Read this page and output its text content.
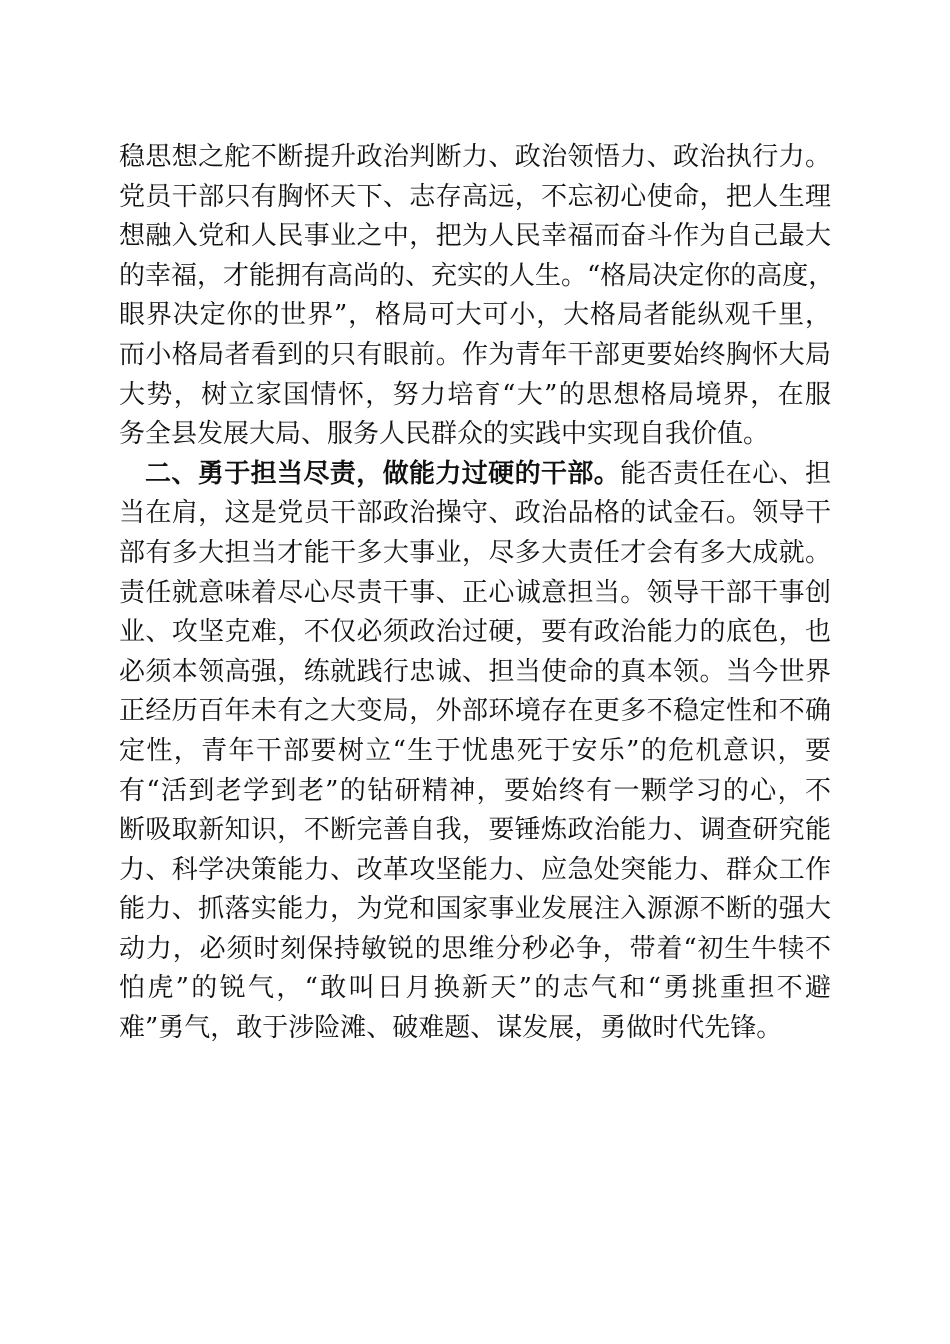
稳思想之舵不断提升政治判断力、政治领悟力、政治执行力。
党员干部只有胸怀天下、志存高远，不忘初心使命，把人生理
想融入党和人民事业之中，把为人民幸福而奋斗作为自己最大
的幸福，才能拥有高尚的、充实的人生。“格局决定你的高度，
眼界决定你的世界”，格局可大可小，大格局者能纵观千里，
而小格局者看到的只有眼前。作为青年干部更要始终胸怀大局
大势，树立家国情怀，努力培育“大”的思想格局境界，在服
务全县发展大局、服务人民群众的实践中实现自我价值。
二、勇于担当尽责，做能力过硬的干部。能否责任在心、担
当在肩，这是党员干部政治操守、政治品格的试金石。领导干
部有多大担当才能干多大事业，尽多大责任才会有多大成就。
责任就意味着尽心尽责干事、正心诚意担当。领导干部干事创
业、攻坚克难，不仅必须政治过硬，要有政治能力的底色，也
必须本领高强，练就践行忠诚、担当使命的真本领。当今世界
正经历百年未有之大变局，外部环境存在更多不稳定性和不确
定性，青年干部要树立“生于忧患死于安乐”的危机意识，要
有“活到老学到老”的钻研精神，要始终有一颗学习的心，不
断吸取新知识，不断完善自我，要锤炼政治能力、调查研究能
力、科学决策能力、改革攻坚能力、应急处突能力、群众工作
能力、抓落实能力，为党和国家事业发展注入源源不断的强大
动力，必须时刻保持敏锐的思维分秒必争，带着“初生牛犊不
怕虎”的锐气，“敢叫日月换新天”的志气和“勇挑重担不避
难”勇气，敢于涉险滩、破难题、谋发展，勇做时代先锋。
